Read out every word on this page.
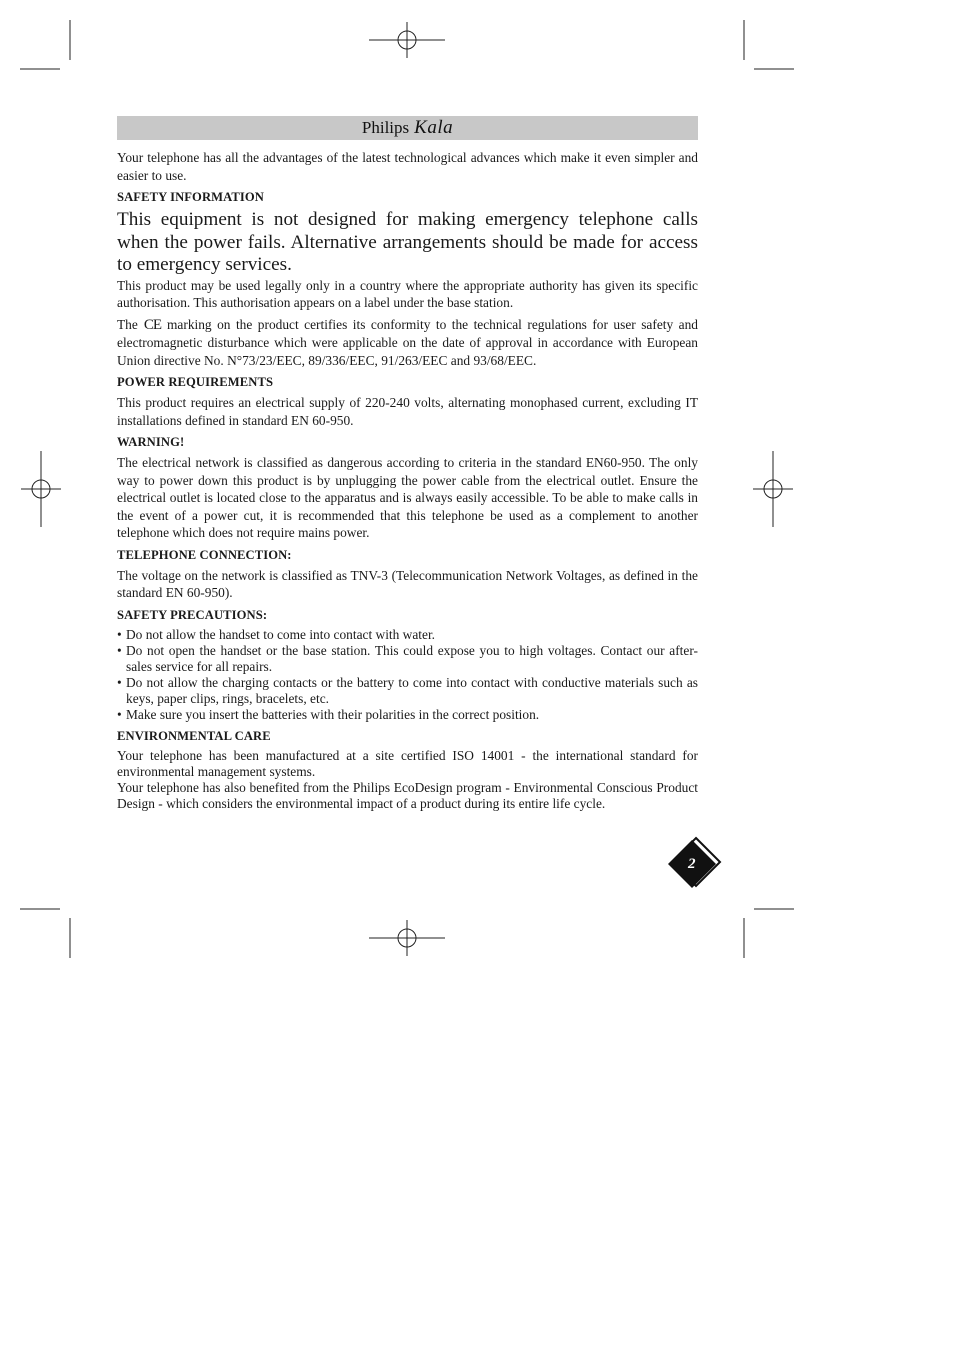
Philips Kala

Your telephone has all the advantages of the latest technological advances which make it even simpler and easier to use.

SAFETY INFORMATION

This equipment is not designed for making emergency telephone calls when the power fails. Alternative arrangements should be made for access to emergency services.

This product may be used legally only in a country where the appropriate authority has given its specific authorisation. This authorisation appears on a label under the base station.

The CE marking on the product certifies its conformity to the technical regulations for user safety and electromagnetic disturbance which were applicable on the date of approval in accordance with European Union directive No. N°73/23/EEC, 89/336/EEC, 91/263/EEC and 93/68/EEC.

POWER REQUIREMENTS

This product requires an electrical supply of 220-240 volts, alternating monophased current, excluding IT installations defined in standard EN 60-950.

WARNING!

The electrical network is classified as dangerous according to criteria in the standard EN60-950. The only way to power down this product is by unplugging the power cable from the electrical outlet. Ensure the electrical outlet is located close to the apparatus and is always easily accessible. To be able to make calls in the event of a power cut, it is recommended that this telephone be used as a complement to another telephone which does not require mains power.

TELEPHONE CONNECTION:

The voltage on the network is classified as TNV-3 (Telecommunication Network Voltages, as defined in the standard EN 60-950).

SAFETY PRECAUTIONS:
• Do not allow the handset to come into contact with water.
• Do not open the handset or the base station. This could expose you to high voltages. Contact our after-sales service for all repairs.
• Do not allow the charging contacts or the battery to come into contact with conductive materials such as keys, paper clips, rings, bracelets, etc.
• Make sure you insert the batteries with their polarities in the correct position.
ENVIRONMENTAL CARE

Your telephone has been manufactured at a site certified ISO 14001 - the international standard for environmental management systems.

Your telephone has also benefited from the Philips EcoDesign program - Environmental Conscious Product Design - which considers the environmental impact of a product during its entire life cycle.

2
